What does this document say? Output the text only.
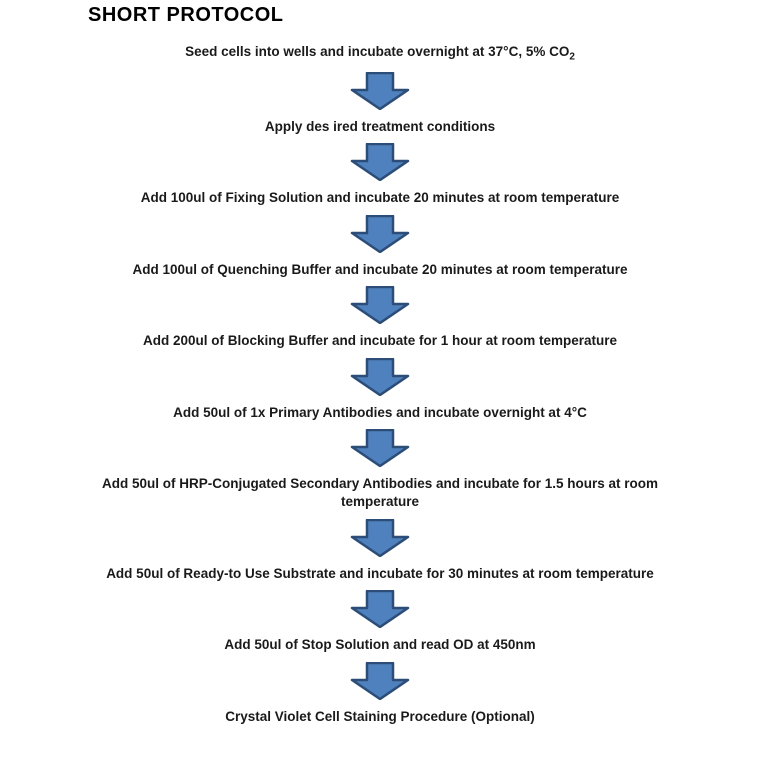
SHORT PROTOCOL
Seed cells into wells and incubate overnight at 37°C, 5% $CO_2$
Apply des ired treatment conditions
Add 100ul of Fixing Solution and incubate 20 minutes at room temperature
Add 100ul of Quenching Buffer and incubate 20 minutes at room temperature
Add 200ul of Blocking Buffer and incubate for 1 hour at room temperature
Add 50ul of 1x Primary Antibodies and incubate overnight at 4°C
Add 50ul of HRP-Conjugated Secondary Antibodies and incubate for 1.5 hours at room temperature
Add 50ul of Ready-to Use Substrate and incubate for 30 minutes at room temperature
Add 50ul of Stop Solution and read OD at 450nm
Crystal Violet Cell Staining Procedure (Optional)
